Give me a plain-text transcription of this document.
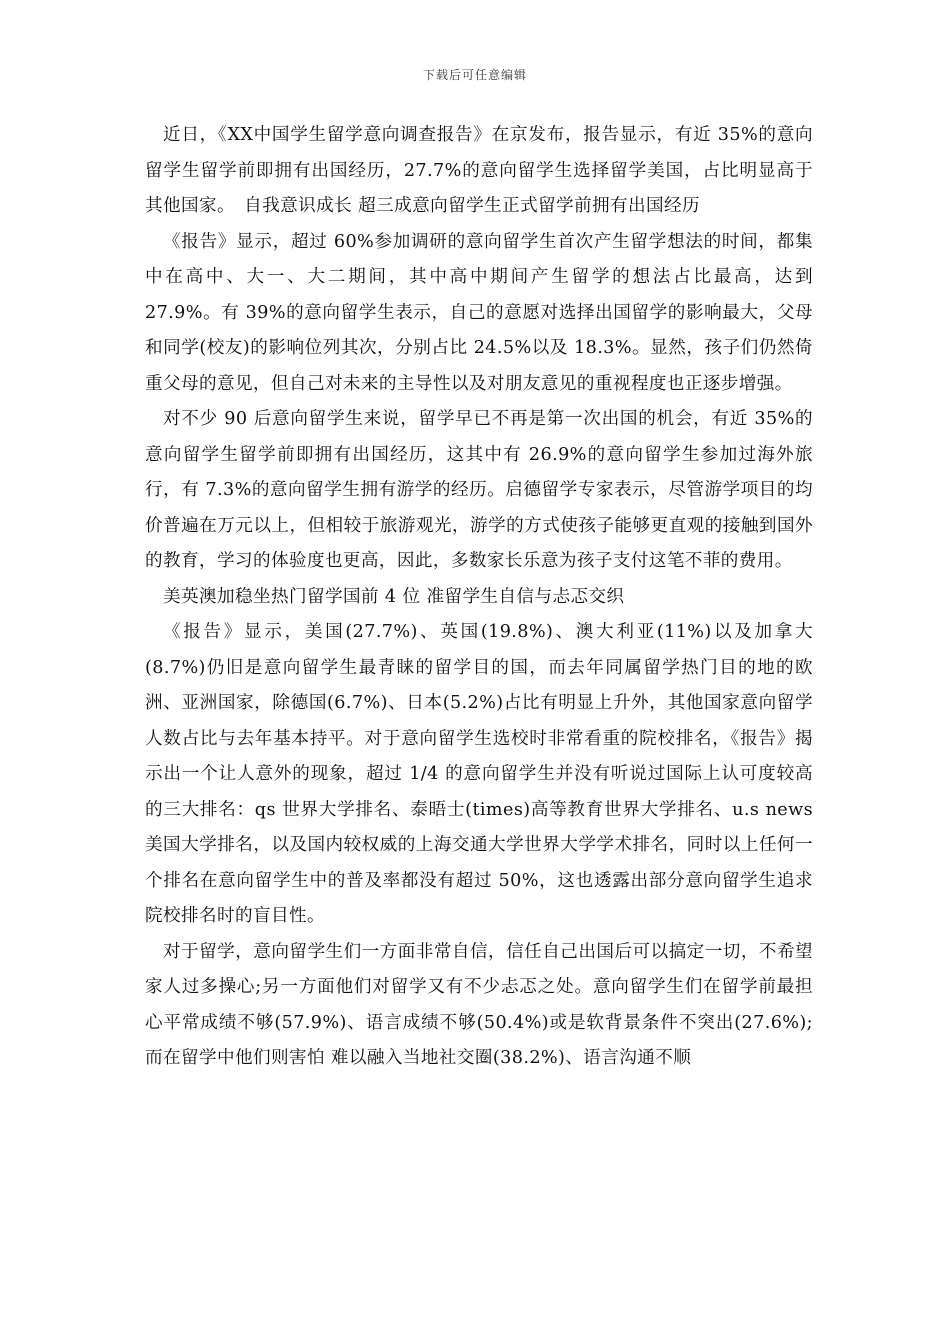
下载后可任意编辑

近日，《XX中国学生留学意向调查报告》在京发布，报告显示，有近 35%的意向留学生留学前即拥有出国经历，27.7%的意向留学生选择留学美国，占比明显高于其他国家。　自我意识成长 超三成意向留学生正式留学前拥有出国经历

《报告》显示，超过 60%参加调研的意向留学生首次产生留学想法的时间，都集中在高中、大一、大二期间，其中高中期间产生留学的想法占比最高，达到 27.9%。有 39%的意向留学生表示，自己的意愿对选择出国留学的影响最大，父母和同学(校友)的影响位列其次，分别占比 24.5%以及 18.3%。显然，孩子们仍然倚重父母的意见，但自己对未来的主导性以及对朋友意见的重视程度也正逐步增强。

对不少 90 后意向留学生来说，留学早已不再是第一次出国的机会，有近 35%的意向留学生留学前即拥有出国经历，这其中有 26.9%的意向留学生参加过海外旅行，有 7.3%的意向留学生拥有游学的经历。启德留学专家表示，尽管游学项目的均价普遍在万元以上，但相较于旅游观光，游学的方式使孩子能够更直观的接触到国外的教育，学习的体验度也更高，因此，多数家长乐意为孩子支付这笔不菲的费用。

美英澳加稳坐热门留学国前 4 位 准留学生自信与忐忑交织

《报告》显示，美国(27.7%)、英国(19.8%)、澳大利亚(11%)以及加拿大(8.7%)仍旧是意向留学生最青睐的留学目的国，而去年同属留学热门目的地的欧洲、亚洲国家，除德国(6.7%)、日本(5.2%)占比有明显上升外，其他国家意向留学人数占比与去年基本持平。对于意向留学生选校时非常看重的院校排名，《报告》揭示出一个让人意外的现象，超过 1/4 的意向留学生并没有听说过国际上认可度较高的三大排名：qs 世界大学排名、泰晤士(times)高等教育世界大学排名、u.s news 美国大学排名，以及国内较权威的上海交通大学世界大学学术排名，同时以上任何一个排名在意向留学生中的普及率都没有超过 50%，这也透露出部分意向留学生追求院校排名时的盲目性。

对于留学，意向留学生们一方面非常自信，信任自己出国后可以搞定一切，不希望家人过多操心;另一方面他们对留学又有不少忐忑之处。意向留学生们在留学前最担心平常成绩不够(57.9%)、语言成绩不够(50.4%)或是软背景条件不突出(27.6%);而在留学中他们则害怕 难以融入当地社交圈(38.2%)、语言沟通不顺
